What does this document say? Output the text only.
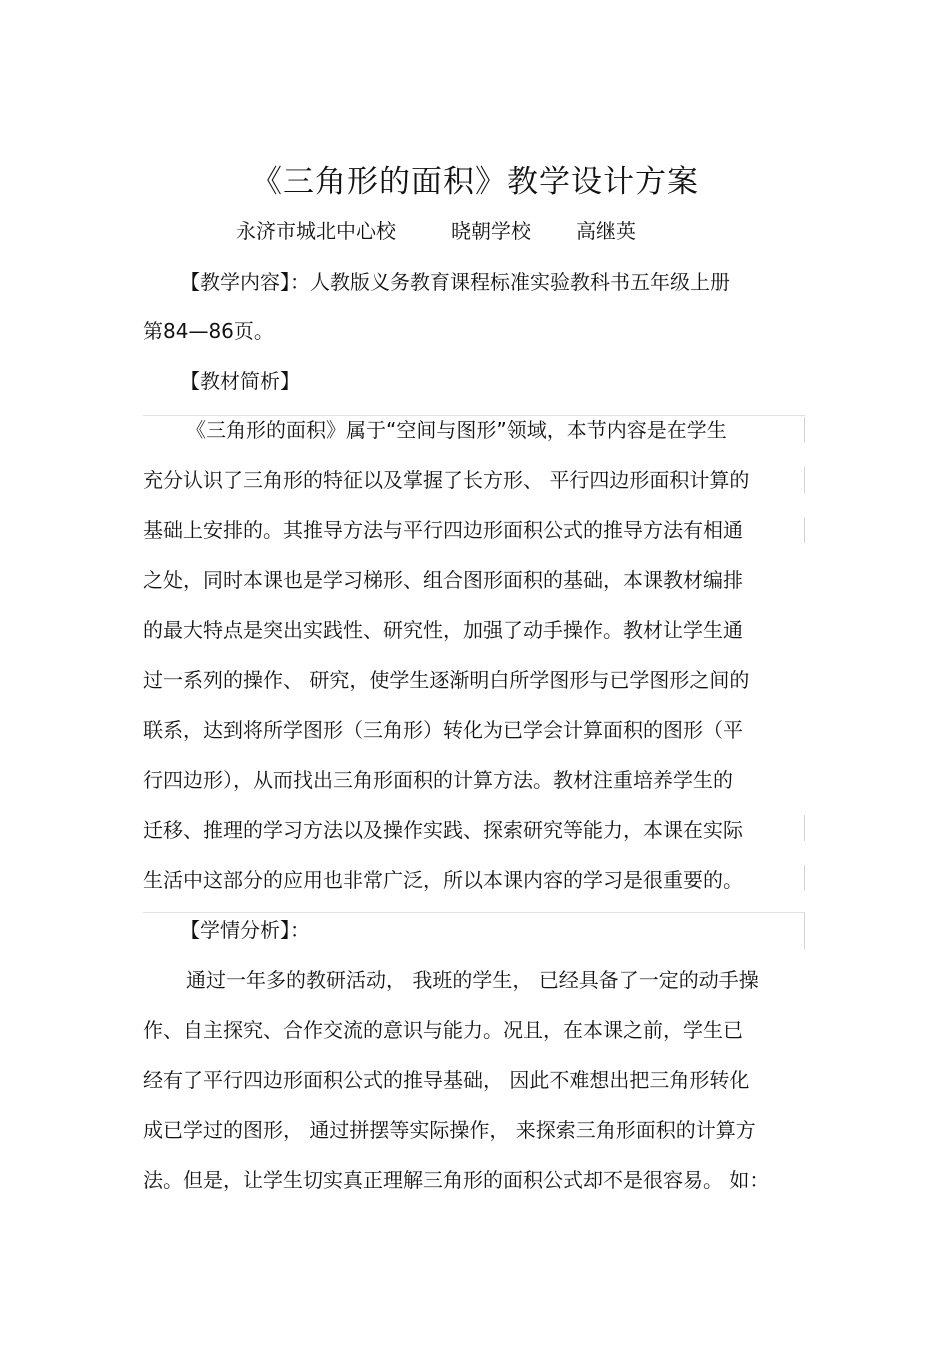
《三角形的面积》教学设计方案
永济市城北中心校	晓朝学校 高继英
【教学内容】：人教版义务教育课程标准实验教科书五年级上册
第84—86页。
【教材简析】
《三角形的面积》属于“空间与图形”领域，本节内容是在学生
充分认识了三角形的特征以及掌握了长方形、 平行四边形面积计算的
基础上安排的。其推导方法与平行四边形面积公式的推导方法有相通
之处，同时本课也是学习梯形、组合图形面积的基础，本课教材编排
的最大特点是突出实践性、研究性，加强了动手操作。教材让学生通
过一系列的操作、 研究，使学生逐渐明白所学图形与已学图形之间的
联系，达到将所学图形（三角形）转化为已学会计算面积的图形（平
行四边形），从而找出三角形面积的计算方法。教材注重培养学生的
迁移、推理的学习方法以及操作实践、探索研究等能力，本课在实际
生活中这部分的应用也非常广泛，所以本课内容的学习是很重要的。
【学情分析】：
通过一年多的教研活动， 我班的学生， 已经具备了一定的动手操
作、自主探究、合作交流的意识与能力。况且，在本课之前，学生已
经有了平行四边形面积公式的推导基础， 因此不难想出把三角形转化
成已学过的图形， 通过拼摆等实际操作， 来探索三角形面积的计算方
法。但是，让学生切实真正理解三角形的面积公式却不是很容易。 如：
